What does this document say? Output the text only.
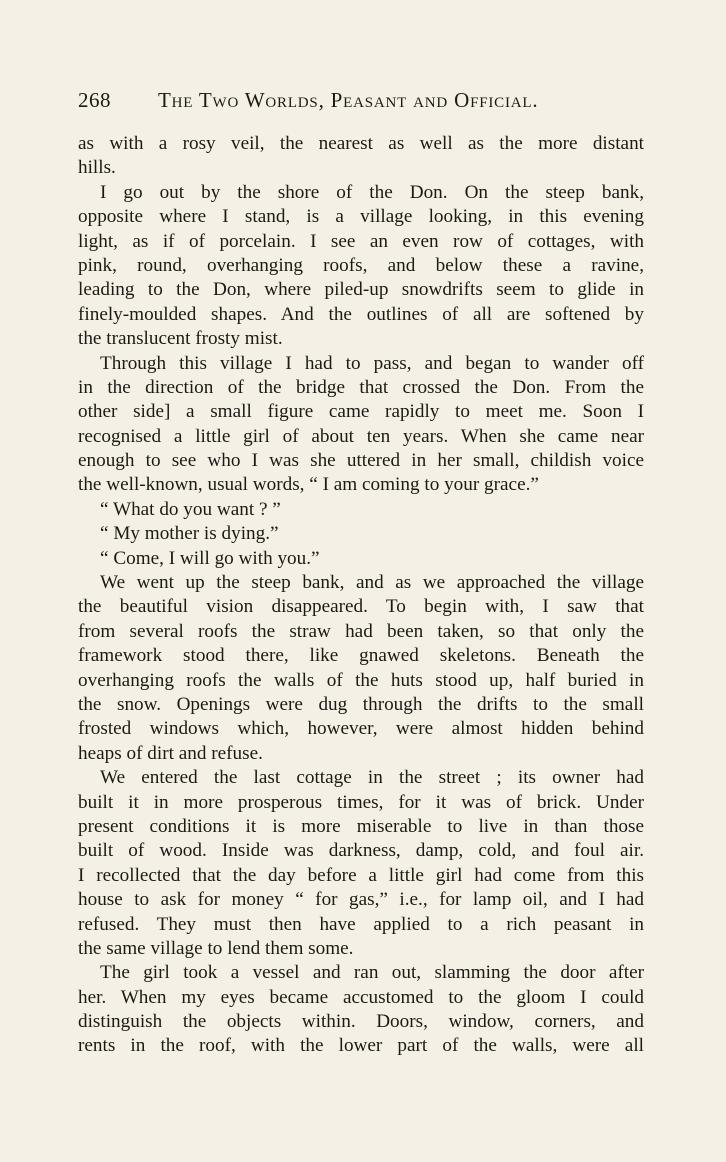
268 The Two Worlds, Peasant and Official.
as with a rosy veil, the nearest as well as the more distant
hills.
I go out by the shore of the Don. On the steep bank,
opposite where I stand, is a village looking, in this evening
light, as if of porcelain. I see an even row of cottages, with
pink, round, overhanging roofs, and below these a ravine,
leading to the Don, where piled-up snowdrifts seem to glide in
finely-moulded shapes. And the outlines of all are softened by
the translucent frosty mist.
Through this village I had to pass, and began to wander off
in the direction of the bridge that crossed the Don. From the
other side] a small figure came rapidly to meet me. Soon I
recognised a little girl of about ten years. When she came near
enough to see who I was she uttered in her small, childish voice
the well-known, usual words, “ I am coming to your grace.”
“ What do you want ? ”
“ My mother is dying.”
“ Come, I will go with you.”
We went up the steep bank, and as we approached the village
the beautiful vision disappeared. To begin with, I saw that
from several roofs the straw had been taken, so that only the
framework stood there, like gnawed skeletons. Beneath the
overhanging roofs the walls of the huts stood up, half buried in
the snow. Openings were dug through the drifts to the small
frosted windows which, however, were almost hidden behind
heaps of dirt and refuse.
We entered the last cottage in the street ; its owner had
built it in more prosperous times, for it was of brick. Under
present conditions it is more miserable to live in than those
built of wood. Inside was darkness, damp, cold, and foul air.
I recollected that the day before a little girl had come from this
house to ask for money “ for gas,” i.e., for lamp oil, and I had
refused. They must then have applied to a rich peasant in
the same village to lend them some.
The girl took a vessel and ran out, slamming the door after
her. When my eyes became accustomed to the gloom I could
distinguish the objects within. Doors, window, corners, and
rents in the roof, with the lower part of the walls, were all
